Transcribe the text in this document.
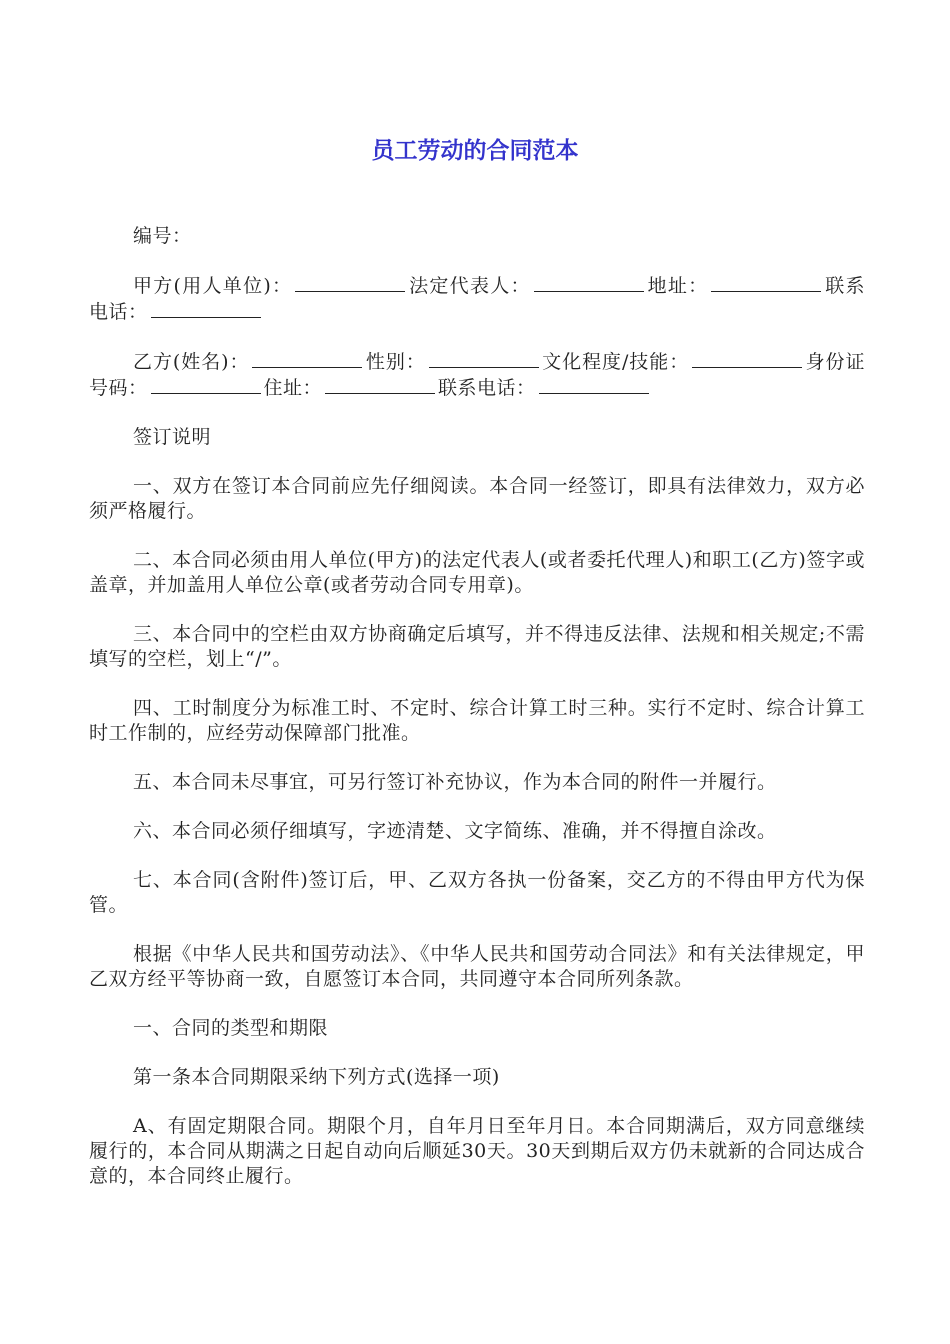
员工劳动的合同范本

编号：

甲方(用人单位)：	法定代表人：	地址：	联系电话：

乙方(姓名)：	性别：	文化程度/技能：	身份证号码：	住址：	联系电话：

签订说明

一、双方在签订本合同前应先仔细阅读。本合同一经签订，即具有法律效力，双方必须严格履行。

二、本合同必须由用人单位(甲方)的法定代表人(或者委托代理人)和职工(乙方)签字或盖章，并加盖用人单位公章(或者劳动合同专用章)。

三、本合同中的空栏由双方协商确定后填写，并不得违反法律、法规和相关规定;不需填写的空栏，划上“/”。

四、工时制度分为标准工时、不定时、综合计算工时三种。实行不定时、综合计算工时工作制的，应经劳动保障部门批准。

五、本合同未尽事宜，可另行签订补充协议，作为本合同的附件一并履行。

六、本合同必须仔细填写，字迹清楚、文字简练、准确，并不得擅自涂改。

七、本合同(含附件)签订后，甲、乙双方各执一份备案，交乙方的不得由甲方代为保管。

根据《中华人民共和国劳动法》、《中华人民共和国劳动合同法》和有关法律规定，甲乙双方经平等协商一致，自愿签订本合同，共同遵守本合同所列条款。

一、合同的类型和期限

第一条本合同期限采纳下列方式(选择一项)

A、有固定期限合同。期限个月，自年月日至年月日。本合同期满后，双方同意继续履行的，本合同从期满之日起自动向后顺延30天。30天到期后双方仍未就新的合同达成合意的，本合同终止履行。
